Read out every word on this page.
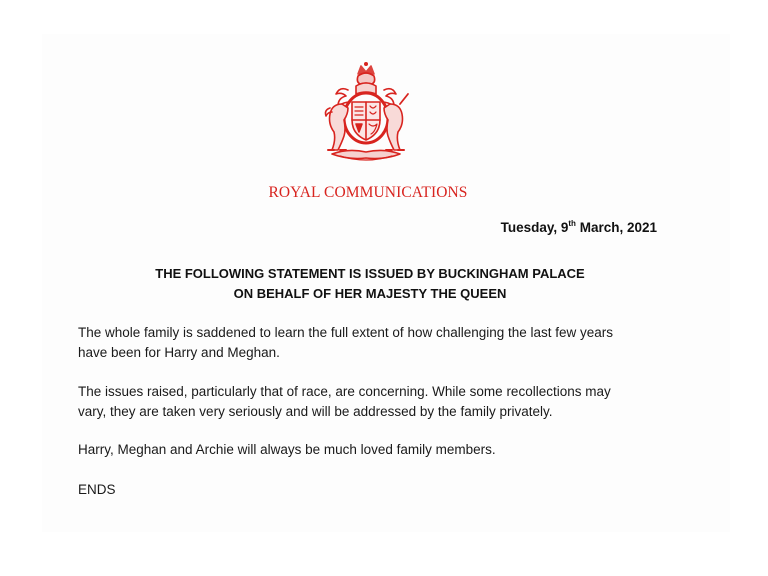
ROYAL COMMUNICATIONS
Tuesday, 9th March, 2021
THE FOLLOWING STATEMENT IS ISSUED BY BUCKINGHAM PALACE
ON BEHALF OF HER MAJESTY THE QUEEN
The whole family is saddened to learn the full extent of how challenging the last few years
have been for Harry and Meghan.
The issues raised, particularly that of race, are concerning. While some recollections may
vary, they are taken very seriously and will be addressed by the family privately.
Harry, Meghan and Archie will always be much loved family members.
ENDS
